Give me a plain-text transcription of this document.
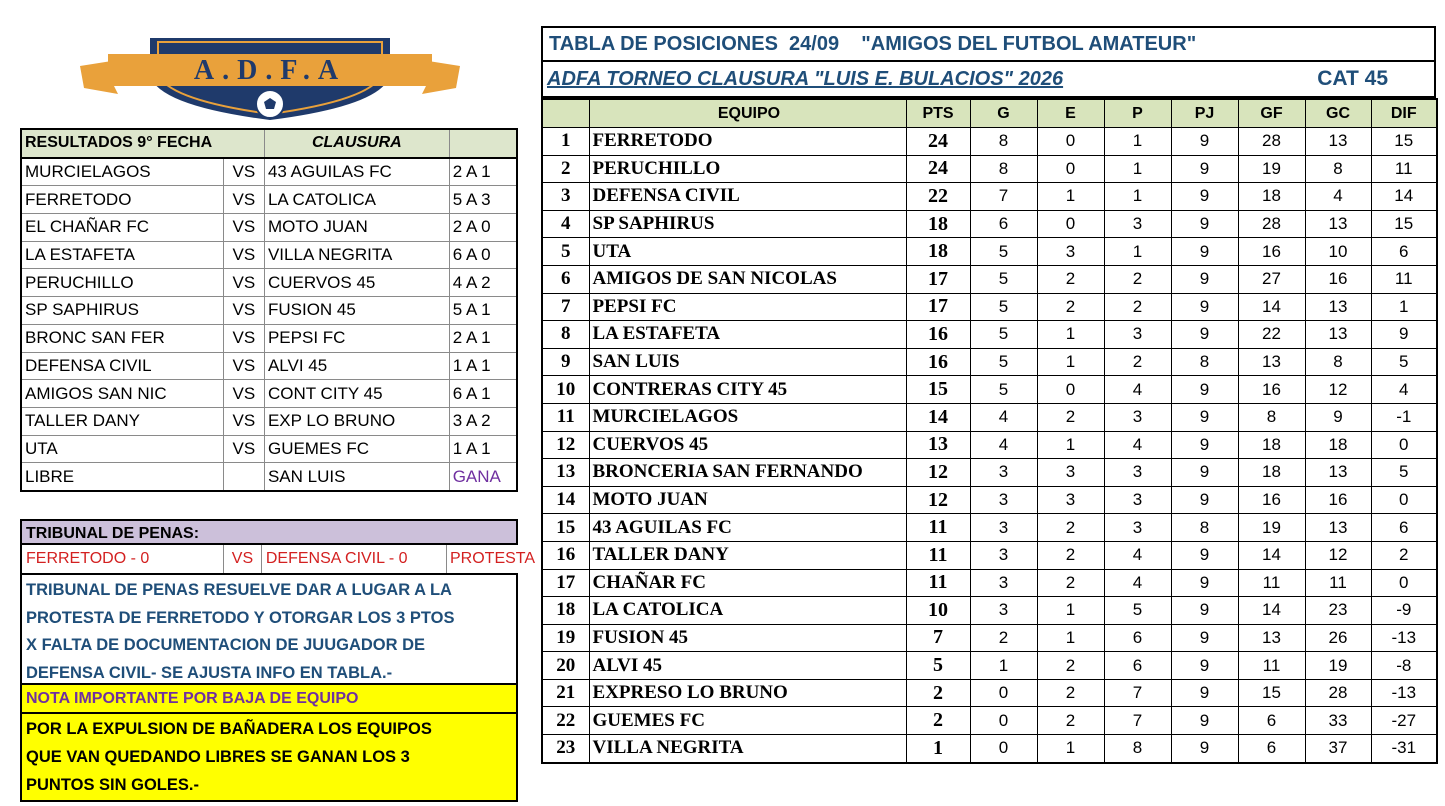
A.D.F.A
RESULTADOS 9° FECHA		CLAUSURA	
MURCIELAGOS	VS	43 AGUILAS FC	2 A 1
FERRETODO	VS	LA CATOLICA	5 A 3
EL CHAÑAR FC	VS	MOTO JUAN	2 A 0
LA ESTAFETA	VS	VILLA NEGRITA	6 A 0
PERUCHILLO	VS	CUERVOS 45	4 A 2
SP SAPHIRUS	VS	FUSION 45	5 A 1
BRONC SAN FER	VS	PEPSI FC	2 A 1
DEFENSA CIVIL	VS	ALVI 45	1 A 1
AMIGOS SAN NIC	VS	CONT CITY 45	6 A 1
TALLER DANY	VS	EXP LO BRUNO	3 A 2
UTA	VS	GUEMES FC	1 A 1
LIBRE		SAN LUIS	GANA
TRIBUNAL DE PENAS:
FERRETODO - 0	VS DEFENSA CIVIL - 0	PROTESTA
TRIBUNAL DE PENAS RESUELVE DAR A LUGAR A LA
PROTESTA DE FERRETODO Y OTORGAR LOS 3 PTOS
X FALTA DE DOCUMENTACION DE JUUGADOR DE
DEFENSA CIVIL- SE AJUSTA INFO EN TABLA.-
NOTA IMPORTANTE POR BAJA DE EQUIPO
POR LA EXPULSION DE BAÑADERA LOS EQUIPOS
QUE VAN QUEDANDO LIBRES SE GANAN LOS 3
PUNTOS SIN GOLES.-
TABLA DE POSICIONES  24/09    "AMIGOS DEL FUTBOL AMATEUR"
ADFA TORNEO CLAUSURA "LUIS E. BULACIOS" 2026	CAT 45
	EQUIPO	PTS	G	E	P	PJ	GF	GC	DIF
1	FERRETODO	24	8	0	1	9	28	13	15
2	PERUCHILLO	24	8	0	1	9	19	8	11
3	DEFENSA CIVIL	22	7	1	1	9	18	4	14
4	SP SAPHIRUS	18	6	0	3	9	28	13	15
5	UTA	18	5	3	1	9	16	10	6
6	AMIGOS DE SAN NICOLAS	17	5	2	2	9	27	16	11
7	PEPSI FC	17	5	2	2	9	14	13	1
8	LA ESTAFETA	16	5	1	3	9	22	13	9
9	SAN LUIS	16	5	1	2	8	13	8	5
10	CONTRERAS CITY 45	15	5	0	4	9	16	12	4
11	MURCIELAGOS	14	4	2	3	9	8	9	-1
12	CUERVOS 45	13	4	1	4	9	18	18	0
13	BRONCERIA SAN FERNANDO	12	3	3	3	9	18	13	5
14	MOTO JUAN	12	3	3	3	9	16	16	0
15	43 AGUILAS FC	11	3	2	3	8	19	13	6
16	TALLER DANY	11	3	2	4	9	14	12	2
17	CHAÑAR FC	11	3	2	4	9	11	11	0
18	LA CATOLICA	10	3	1	5	9	14	23	-9
19	FUSION 45	7	2	1	6	9	13	26	-13
20	ALVI 45	5	1	2	6	9	11	19	-8
21	EXPRESO LO BRUNO	2	0	2	7	9	15	28	-13
22	GUEMES FC	2	0	2	7	9	6	33	-27
23	VILLA NEGRITA	1	0	1	8	9	6	37	-31
